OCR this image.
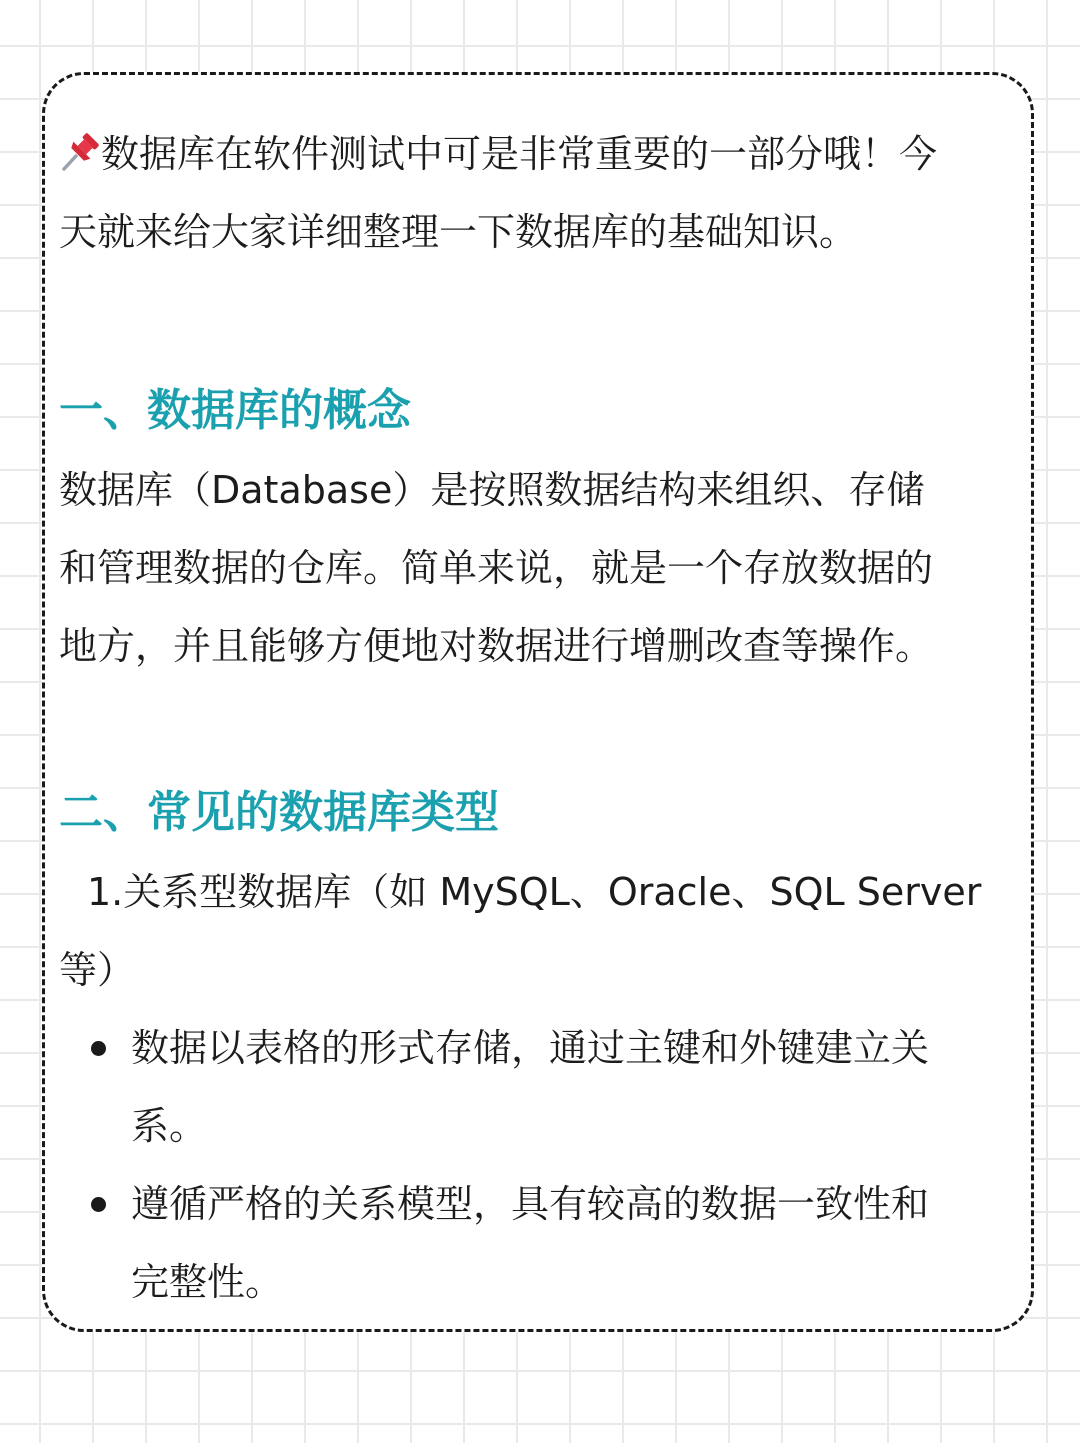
数据库在软件测试中可是非常重要的一部分哦！今
天就来给大家详细整理一下数据库的基础知识。
一、数据库的概念
数据库（Database）是按照数据结构来组织、存储
和管理数据的仓库。简单来说，就是一个存放数据的
地方，并且能够方便地对数据进行增删改查等操作。
二、常见的数据库类型
1.关系型数据库（如 MySQL、Oracle、SQL Server
等）
数据以表格的形式存储，通过主键和外键建立关
系。
遵循严格的关系模型，具有较高的数据一致性和
完整性。
